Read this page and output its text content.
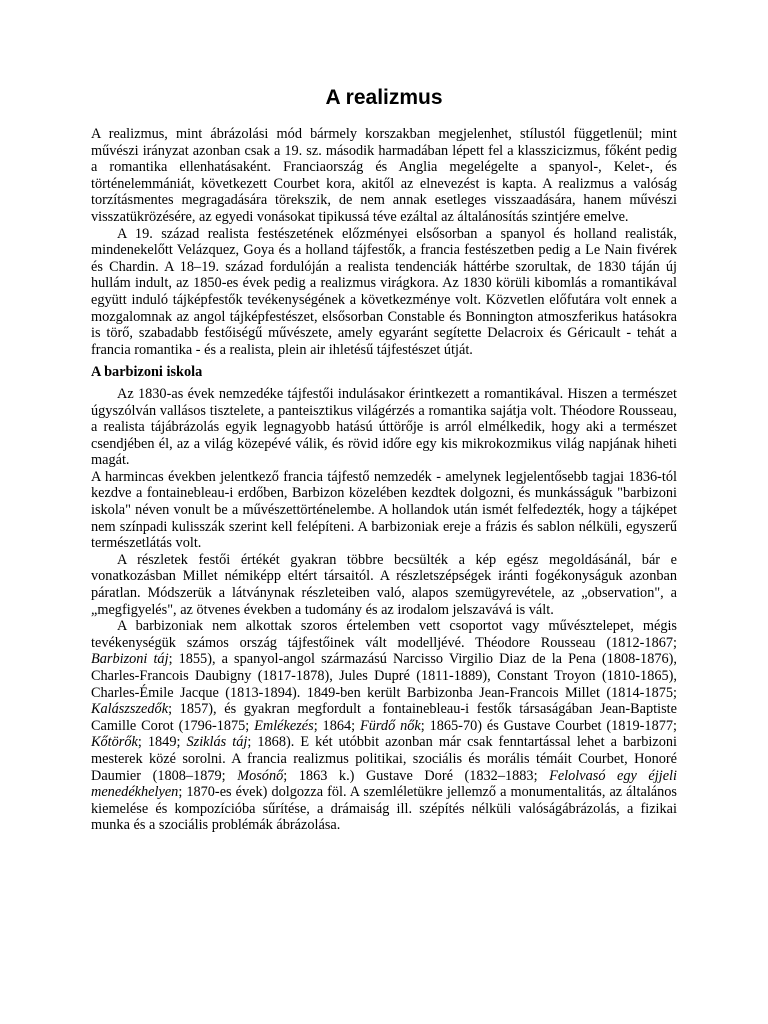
A realizmus

A realizmus, mint ábrázolási mód bármely korszakban megjelenhet, stílustól függetlenül; mint művészi irányzat azonban csak a 19. sz. második harmadában lépett fel a klasszicizmus, főként pedig a romantika ellenhatásaként. Franciaország és Anglia megelégelte a spanyol-, Kelet-, és történelemmániát, következett Courbet kora, akitől az elnevezést is kapta. A realizmus a valóság torzításmentes megragadására törekszik, de nem annak esetleges visszaadására, hanem művészi visszatükrözésére, az egyedi vonásokat tipikussá téve ezáltal az általánosítás szintjére emelve.

A 19. század realista festészetének előzményei elsősorban a spanyol és holland realisták, mindenekelőtt Velázquez, Goya és a holland tájfestők, a francia festészetben pedig a Le Nain fivérek és Chardin. A 18–19. század fordulóján a realista tendenciák háttérbe szorultak, de 1830 táján új hullám indult, az 1850-es évek pedig a realizmus virágkora. Az 1830 körüli kibomlás a romantikával együtt induló tájképfestők tevékenységének a következménye volt. Közvetlen előfutára volt ennek a mozgalomnak az angol tájképfestészet, elsősorban Constable és Bonnington atmoszferikus hatásokra is törő, szabadabb festőiségű művészete, amely egyaránt segítette Delacroix és Géricault - tehát a francia romantika - és a realista, plein air ihletésű tájfestészet útját.

A barbizoni iskola

Az 1830-as évek nemzedéke tájfestői indulásakor érintkezett a romantikával. Hiszen a természet úgyszólván vallásos tisztelete, a panteisztikus világérzés a romantika sajátja volt. Théodore Rousseau, a realista tájábrázolás egyik legnagyobb hatású úttörője is arról elmélkedik, hogy aki a természet csendjében él, az a világ közepévé válik, és rövid időre egy kis mikrokozmikus világ napjának hiheti magát.

A harmincas években jelentkező francia tájfestő nemzedék - amelynek legjelentősebb tagjai 1836-tól kezdve a fontainebleau-i erdőben, Barbizon közelében kezdtek dolgozni, és munkásságuk "barbizoni iskola" néven vonult be a művészettörténelembe. A hollandok után ismét felfedezték, hogy a tájképet nem színpadi kulisszák szerint kell felépíteni. A barbizoniak ereje a frázis és sablon nélküli, egyszerű természetlátás volt.

A részletek festői értékét gyakran többre becsülték a kép egész megoldásánál, bár e vonatkozásban Millet némiképp eltért társaitól. A részletszépségek iránti fogékonyságuk azonban páratlan. Módszerük a látványnak részleteiben való, alapos szemügyrevétele, az „observation", a „megfigyelés", az ötvenes években a tudomány és az irodalom jelszavává is vált.

A barbizoniak nem alkottak szoros értelemben vett csoportot vagy művésztelepet, mégis tevékenységük számos ország tájfestőinek vált modelljévé. Théodore Rousseau (1812-1867; Barbizoni táj; 1855), a spanyol-angol származású Narcisso Virgilio Diaz de la Pena (1808-1876), Charles-Francois Daubigny (1817-1878), Jules Dupré (1811-1889), Constant Troyon (1810-1865), Charles-Émile Jacque (1813-1894). 1849-ben került Barbizonba Jean-Francois Millet (1814-1875; Kalászszedők; 1857), és gyakran megfordult a fontainebleau-i festők társaságában Jean-Baptiste Camille Corot (1796-1875; Emlékezés; 1864; Fürdő nők; 1865-70) és Gustave Courbet (1819-1877; Kőtörők; 1849; Sziklás táj; 1868). E két utóbbit azonban már csak fenntartással lehet a barbizoni mesterek közé sorolni. A francia realizmus politikai, szociális és morális témáit Courbet, Honoré Daumier (1808–1879; Mosónő; 1863 k.) Gustave Doré (1832–1883; Felolvasó egy éjjeli menedékhelyen; 1870-es évek) dolgozza föl. A szemléletükre jellemző a monumentalitás, az általános kiemelése és kompozícióba sűrítése, a drámaiság ill. szépítés nélküli valóságábrázolás, a fizikai munka és a szociális problémák ábrázolása.
